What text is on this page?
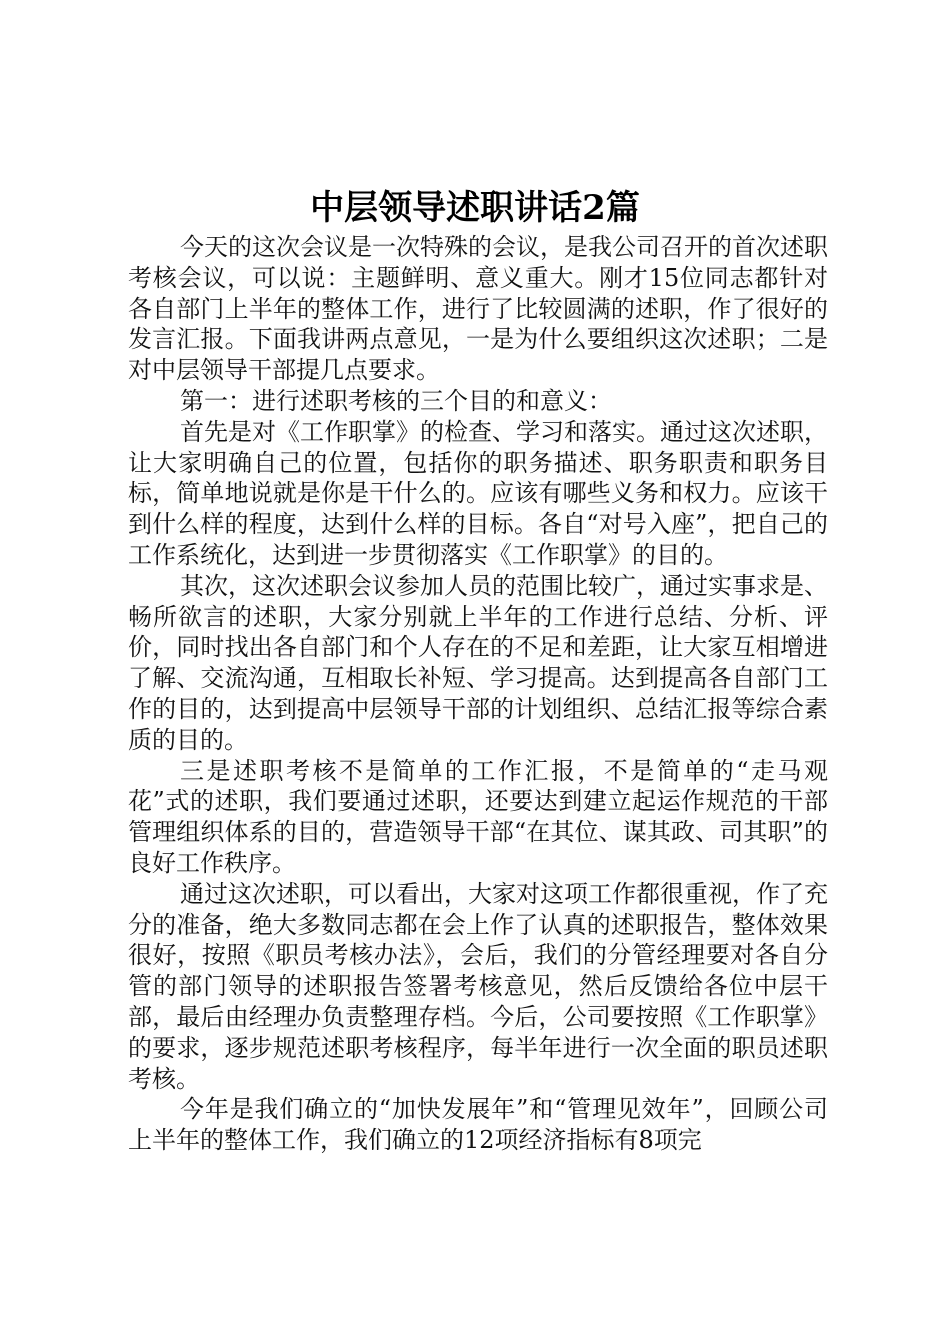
中层领导述职讲话2篇

今天的这次会议是一次特殊的会议，是我公司召开的首次述职考核会议，可以说：主题鲜明、意义重大。刚才15位同志都针对各自部门上半年的整体工作，进行了比较圆满的述职，作了很好的发言汇报。下面我讲两点意见，一是为什么要组织这次述职；二是对中层领导干部提几点要求。

第一：进行述职考核的三个目的和意义：

首先是对《工作职掌》的检查、学习和落实。通过这次述职，让大家明确自己的位置，包括你的职务描述、职务职责和职务目标，简单地说就是你是干什么的。应该有哪些义务和权力。应该干到什么样的程度，达到什么样的目标。各自“对号入座”，把自己的工作系统化，达到进一步贯彻落实《工作职掌》的目的。

其次，这次述职会议参加人员的范围比较广，通过实事求是、畅所欲言的述职，大家分别就上半年的工作进行总结、分析、评价，同时找出各自部门和个人存在的不足和差距，让大家互相增进了解、交流沟通，互相取长补短、学习提高。达到提高各自部门工作的目的，达到提高中层领导干部的计划组织、总结汇报等综合素质的目的。

三是述职考核不是简单的工作汇报，不是简单的“走马观花”式的述职，我们要通过述职，还要达到建立起运作规范的干部管理组织体系的目的，营造领导干部“在其位、谋其政、司其职”的良好工作秩序。

通过这次述职，可以看出，大家对这项工作都很重视，作了充分的准备，绝大多数同志都在会上作了认真的述职报告，整体效果很好，按照《职员考核办法》，会后，我们的分管经理要对各自分管的部门领导的述职报告签署考核意见，然后反馈给各位中层干部，最后由经理办负责整理存档。今后，公司要按照《工作职掌》的要求，逐步规范述职考核程序，每半年进行一次全面的职员述职考核。

今年是我们确立的“加快发展年”和“管理见效年”，回顾公司上半年的整体工作，我们确立的12项经济指标有8项完
